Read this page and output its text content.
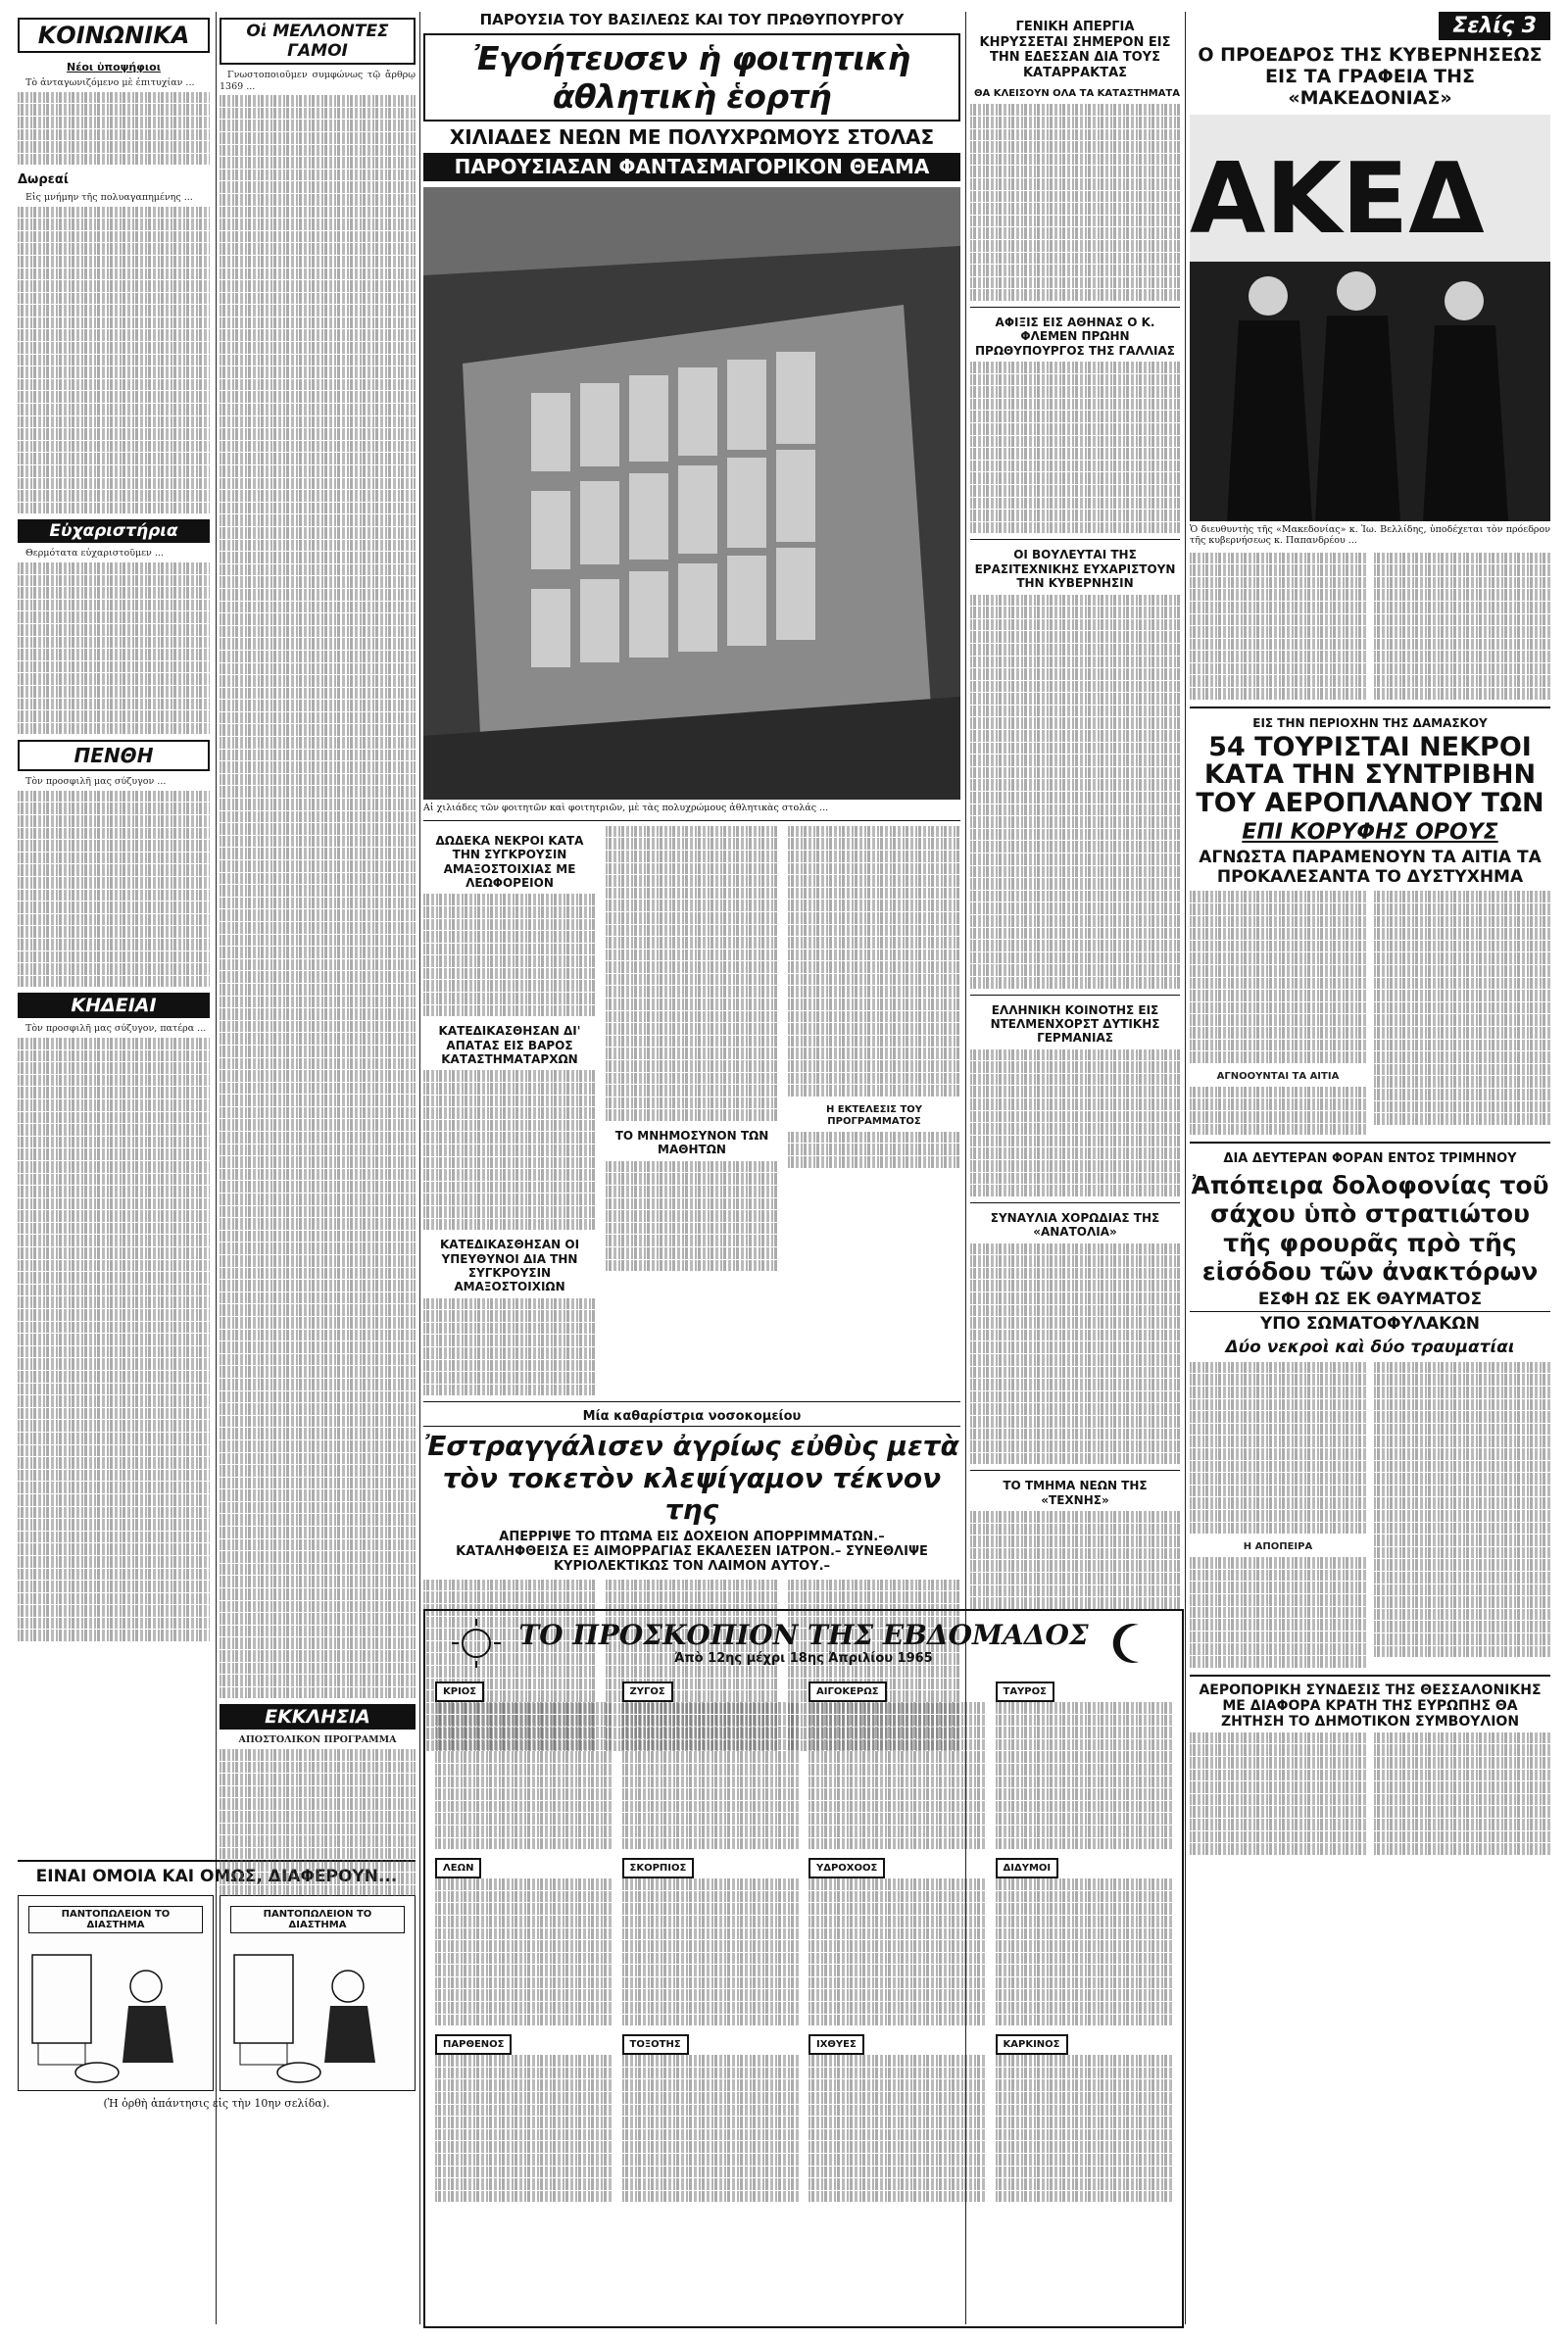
ΚΟΙΝΩΝΙΚΑ
Νέοι ὑποψήφιοι

Τὸ ἀνταγωνιζόμενο μὲ ἐπιτυχίαν ...

Δωρεαί

Εἰς μνήμην τῆς πολυαγαπημένης ...

Εὐχαριστήρια

Θερμότατα εὐχαριστοῦμεν ...

ΠΕΝΘΗ

Τὸν προσφιλῆ μας σύζυγον ...

ΚΗΔΕΙΑΙ

Τὸν προσφιλῆ μας σύζυγον, πατέρα ...

ΕΙΝΑΙ ΟΜΟΙΑ ΚΑΙ ΟΜΩΣ, ΔΙΑΦΕΡΟΥΝ...
ΠΑΝΤΟΠΩΛΕΙΟΝ ΤΟ ΔΙΑΣΤΗΜΑ
ΠΑΝΤΟΠΩΛΕΙΟΝ ΤΟ ΔΙΑΣΤΗΜΑ
(Ἡ ὀρθὴ ἀπάντησις εἰς τὴν 10ην σελίδα).
Οἱ ΜΕΛΛΟΝΤΕΣ ΓΑΜΟΙ

Γνωστοποιοῦμεν συμφώνως τῷ ἄρθρῳ 1369 ...

ΕΚΚΛΗΣΙΑ

ΑΠΟΣΤΟΛΙΚΟΝ ΠΡΟΓΡΑΜΜΑ

ΠΑΡΟΥΣΙΑ ΤΟΥ ΒΑΣΙΛΕΩΣ ΚΑΙ ΤΟΥ ΠΡΩΘΥΠΟΥΡΓΟΥ
Ἐγοήτευσεν ἡ φοιτητικὴ ἀθλητικὴ ἑορτή
ΧΙΛΙΑΔΕΣ ΝΕΩΝ ΜΕ ΠΟΛΥΧΡΩΜΟΥΣ ΣΤΟΛΑΣ
ΠΑΡΟΥΣΙΑΣΑΝ ΦΑΝΤΑΣΜΑΓΟΡΙΚΟΝ ΘΕΑΜΑ
Αἱ χιλιάδες τῶν φοιτητῶν καὶ φοιτητριῶν, μὲ τὰς πολυχρώμους ἀθλητικὰς στολάς ...
ΔΩΔΕΚΑ ΝΕΚΡΟΙ ΚΑΤΑ ΤΗΝ ΣΥΓΚΡΟΥΣΙΝ ΑΜΑΞΟΣΤΟΙΧΙΑΣ ΜΕ ΛΕΩΦΟΡΕΙΟΝ
ΚΑΤΕΔΙΚΑΣΘΗΣΑΝ ΔΙ' ΑΠΑΤΑΣ ΕΙΣ ΒΑΡΟΣ ΚΑΤΑΣΤΗΜΑΤΑΡΧΩΝ
ΚΑΤΕΔΙΚΑΣΘΗΣΑΝ ΟΙ ΥΠΕΥΘΥΝΟΙ ΔΙΑ ΤΗΝ ΣΥΓΚΡΟΥΣΙΝ ΑΜΑΞΟΣΤΟΙΧΙΩΝ
ΤΟ ΜΝΗΜΟΣΥΝΟΝ ΤΩΝ ΜΑΘΗΤΩΝ
Η ΕΚΤΕΛΕΣΙΣ ΤΟΥ ΠΡΟΓΡΑΜΜΑΤΟΣ
Μία καθαρίστρια νοσοκομείου
Ἐστραγγάλισεν ἀγρίως εὐθὺς μετὰ τὸν τοκετὸν κλεψίγαμον τέκνον της
ΑΠΕΡΡΙΨΕ ΤΟ ΠΤΩΜΑ ΕΙΣ ΔΟΧΕΙΟΝ ΑΠΟΡΡΙΜΜΑΤΩΝ.– ΚΑΤΑΛΗΦΘΕΙΣΑ ΕΞ ΑΙΜΟΡΡΑΓΙΑΣ ΕΚΑΛΕΣΕΝ ΙΑΤΡΟΝ.– ΣΥΝΕΘΛΙΨΕ ΚΥΡΙΟΛΕΚΤΙΚΩΣ ΤΟΝ ΛΑΙΜΟΝ ΑΥΤΟΥ.–
ΤΟ ΠΡΟΣΚΟΠΙΟΝ ΤΗΣ ΕΒΔΟΜΑΔΟΣ
Ἀπὸ 12ης μέχρι 18ης Ἀπριλίου 1965
ΚΡΙΟΣ	ΖΥΓΟΣ	ΑΙΓΟΚΕΡΩΣ	ΤΑΥΡΟΣ
ΛΕΩΝ	ΣΚΟΡΠΙΟΣ	ΥΔΡΟΧΟΟΣ	ΔΙΔΥΜΟΙ
ΠΑΡΘΕΝΟΣ	ΤΟΞΟΤΗΣ	ΙΧΘΥΕΣ	ΚΑΡΚΙΝΟΣ
ΓΕΝΙΚΗ ΑΠΕΡΓΙΑ ΚΗΡΥΣΣΕΤΑΙ ΣΗΜΕΡΟΝ ΕΙΣ ΤΗΝ ΕΔΕΣΣΑΝ ΔΙΑ ΤΟΥΣ ΚΑΤΑΡΡΑΚΤΑΣ
ΘΑ ΚΛΕΙΣΟΥΝ ΟΛΑ ΤΑ ΚΑΤΑΣΤΗΜΑΤΑ
ΑΦΙΞΙΣ ΕΙΣ ΑΘΗΝΑΣ Ο Κ. ΦΛΕΜΕΝ ΠΡΩΗΝ ΠΡΩΘΥΠΟΥΡΓΟΣ ΤΗΣ ΓΑΛΛΙΑΣ
ΟΙ ΒΟΥΛΕΥΤΑΙ ΤΗΣ ΕΡΑΣΙΤΕΧΝΙΚΗΣ ΕΥΧΑΡΙΣΤΟΥΝ ΤΗΝ ΚΥΒΕΡΝΗΣΙΝ
ΕΛΛΗΝΙΚΗ ΚΟΙΝΟΤΗΣ ΕΙΣ ΝΤΕΛΜΕΝΧΟΡΣΤ ΔΥΤΙΚΗΣ ΓΕΡΜΑΝΙΑΣ
ΣΥΝΑΥΛΙΑ ΧΟΡΩΔΙΑΣ ΤΗΣ «ΑΝΑΤΟΛΙΑ»
ΤΟ ΤΜΗΜΑ ΝΕΩΝ ΤΗΣ «ΤΕΧΝΗΣ»
Σελίς 3
Ο ΠΡΟΕΔΡΟΣ ΤΗΣ ΚΥΒΕΡΝΗΣΕΩΣ ΕΙΣ ΤΑ ΓΡΑΦΕΙΑ ΤΗΣ «ΜΑΚΕΔΟΝΙΑΣ»
ΑΚΕΔ
Ὁ διευθυντὴς τῆς «Μακεδονίας» κ. Ἰω. Βελλίδης, ὑποδέχεται τὸν πρόεδρον τῆς κυβερνήσεως κ. Παπανδρέου ...
ΕΙΣ ΤΗΝ ΠΕΡΙΟΧΗΝ ΤΗΣ ΔΑΜΑΣΚΟΥ
54 ΤΟΥΡΙΣΤΑΙ ΝΕΚΡΟΙ ΚΑΤΑ ΤΗΝ ΣΥΝΤΡΙΒΗΝ ΤΟΥ ΑΕΡΟΠΛΑΝΟΥ ΤΩΝ
ΕΠΙ ΚΟΡΥΦΗΣ ΟΡΟΥΣ
ΑΓΝΩΣΤΑ ΠΑΡΑΜΕΝΟΥΝ ΤΑ ΑΙΤΙΑ ΤΑ ΠΡΟΚΑΛΕΣΑΝΤΑ ΤΟ ΔΥΣΤΥΧΗΜΑ
ΑΓΝΟΟΥΝΤΑΙ ΤΑ ΑΙΤΙΑ
ΔΙΑ ΔΕΥΤΕΡΑΝ ΦΟΡΑΝ ΕΝΤΟΣ ΤΡΙΜΗΝΟΥ
Ἀπόπειρα δολοφονίας τοῦ σάχου ὑπὸ στρατιώτου τῆς φρουρᾶς πρὸ τῆς εἰσόδου τῶν ἀνακτόρων
ΕΣΦΗ ΩΣ ΕΚ ΘΑΥΜΑΤΟΣ
ΥΠΟ ΣΩΜΑΤΟΦΥΛΑΚΩΝ
Δύο νεκροὶ καὶ δύο τραυματίαι
Η ΑΠΟΠΕΙΡΑ
ΑΕΡΟΠΟΡΙΚΗ ΣΥΝΔΕΣΙΣ ΤΗΣ ΘΕΣΣΑΛΟΝΙΚΗΣ ΜΕ ΔΙΑΦΟΡΑ ΚΡΑΤΗ ΤΗΣ ΕΥΡΩΠΗΣ ΘΑ ΖΗΤΗΣΗ ΤΟ ΔΗΜΟΤΙΚΟΝ ΣΥΜΒΟΥΛΙΟΝ
